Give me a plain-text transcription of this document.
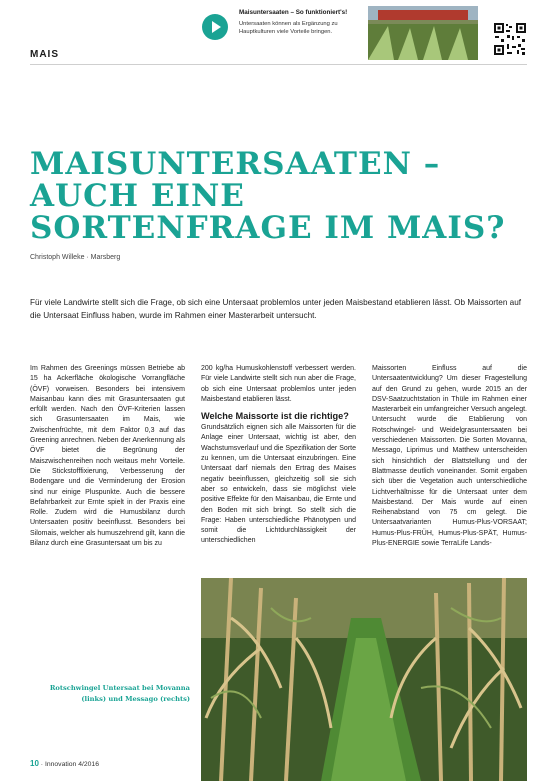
Maisuntersaaten – So funktioniert's!
Untersaaten können als Ergänzung zu Hauptkulturen viele Vorteile bringen.
MAIS
MAISUNTERSAATEN – AUCH EINE SORTENFRAGE IM MAIS?
Christoph Willeke · Marsberg

Für viele Landwirte stellt sich die Frage, ob sich eine Untersaat problemlos unter jeden Maisbestand etablieren lässt. Ob Maissorten auf die Untersaat Einfluss haben, wurde im Rahmen einer Masterarbeit untersucht.

Im Rahmen des Greenings müssen Betriebe ab 15 ha Ackerfläche ökologische Vorrangfläche (ÖVF) vorweisen. Besonders bei intensivem Maisanbau kann dies mit Grasuntersaaten gut erfüllt werden. Nach den ÖVF-Kriterien lassen sich Grasuntersaaten im Mais, wie Zwischenfrüchte, mit dem Faktor 0,3 auf das Greening anrechnen. Neben der Anerkennung als ÖVF bietet die Begrünung der Maiszwischenreihen noch weitaus mehr Vorteile. Die Stickstofffixierung, Verbesserung der Bodengare und die Verminderung der Erosion sind nur einige Pluspunkte. Auch die bessere Befahrbarkeit zur Ernte spielt in der Praxis eine Rolle. Zudem wird die Humusbilanz durch Untersaaten positiv beeinflusst. Besonders bei Silomais, welcher als humuszehrend gilt, kann die Bilanz durch eine Grasuntersaat um bis zu

200 kg/ha Humuskohlenstoff verbessert werden. Für viele Landwirte stellt sich nun aber die Frage, ob sich eine Untersaat problemlos unter jeden Maisbestand etablieren lässt.

Welche Maissorte ist die richtige?

Grundsätzlich eignen sich alle Maissorten für die Anlage einer Untersaat, wichtig ist aber, den Wachstumsverlauf und die Spezifikation der Sorte zu kennen, um die Untersaat einzubringen. Eine Untersaat darf niemals den Ertrag des Maises negativ beeinflussen, gleichzeitig soll sie sich aber so entwickeln, dass sie möglichst viele positive Effekte für den Maisanbau, die Ernte und den Boden mit sich bringt. So stellt sich die Frage: Haben unterschiedliche Phänotypen und somit die Lichtdurchlässigkeit der unterschiedlichen

Maissorten Einfluss auf die Untersaatentwicklung? Um dieser Fragestellung auf den Grund zu gehen, wurde 2015 an der DSV-Saatzuchtstation in Thüle im Rahmen einer Masterarbeit ein umfangreicher Versuch angelegt. Untersucht wurde die Etablierung von Rotschwingel- und Weidelgrasuntersaaten bei verschiedenen Maissorten. Die Sorten Movanna, Messago, Liprimus und Matthew unterscheiden sich hinsichtlich der Blattstellung und der Blattmasse deutlich voneinander. Somit ergaben sich über die Vegetation auch unterschiedliche Lichtverhältnisse für die Untersaat unter dem Maisbestand. Der Mais wurde auf einen Reihenabstand von 75 cm gelegt. Die Untersaatvarianten Humus-Plus-VORSAAT; Humus-Plus-FRÜH, Humus-Plus-SPÄT, Humus-Plus-ENERGIE sowie TerraLife Lands-

Rotschwingel Untersaat bei Movanna (links) und Messago (rechts)
10 · Innovation 4/2016
